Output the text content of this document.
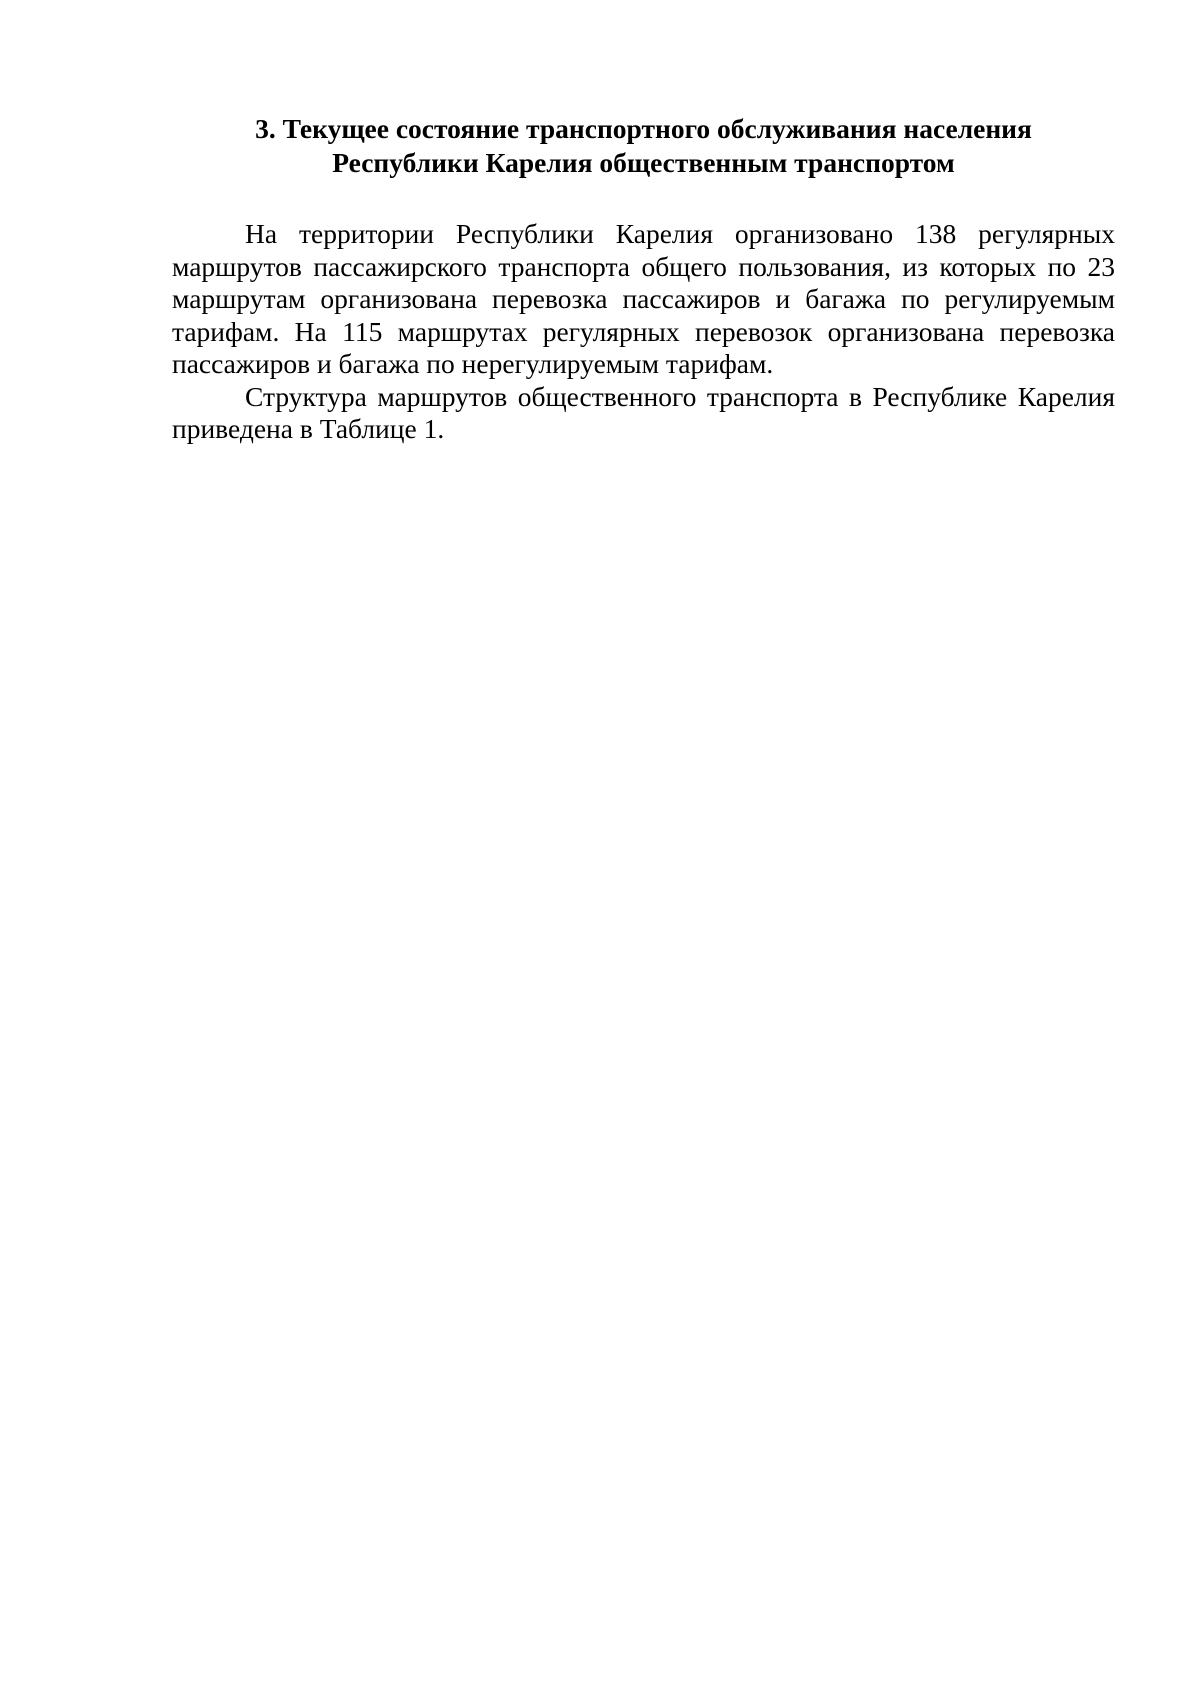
3. Текущее состояние транспортного обслуживания населения
Республики Карелия общественным транспортом

На территории Республики Карелия организовано 138 регулярных маршрутов пассажирского транспорта общего пользования, из которых по 23 маршрутам организована перевозка пассажиров и багажа по регулируемым тарифам. На 115 маршрутах регулярных перевозок организована перевозка пассажиров и багажа по нерегулируемым тарифам.

Структура маршрутов общественного транспорта в Республике Карелия приведена в Таблице 1.
